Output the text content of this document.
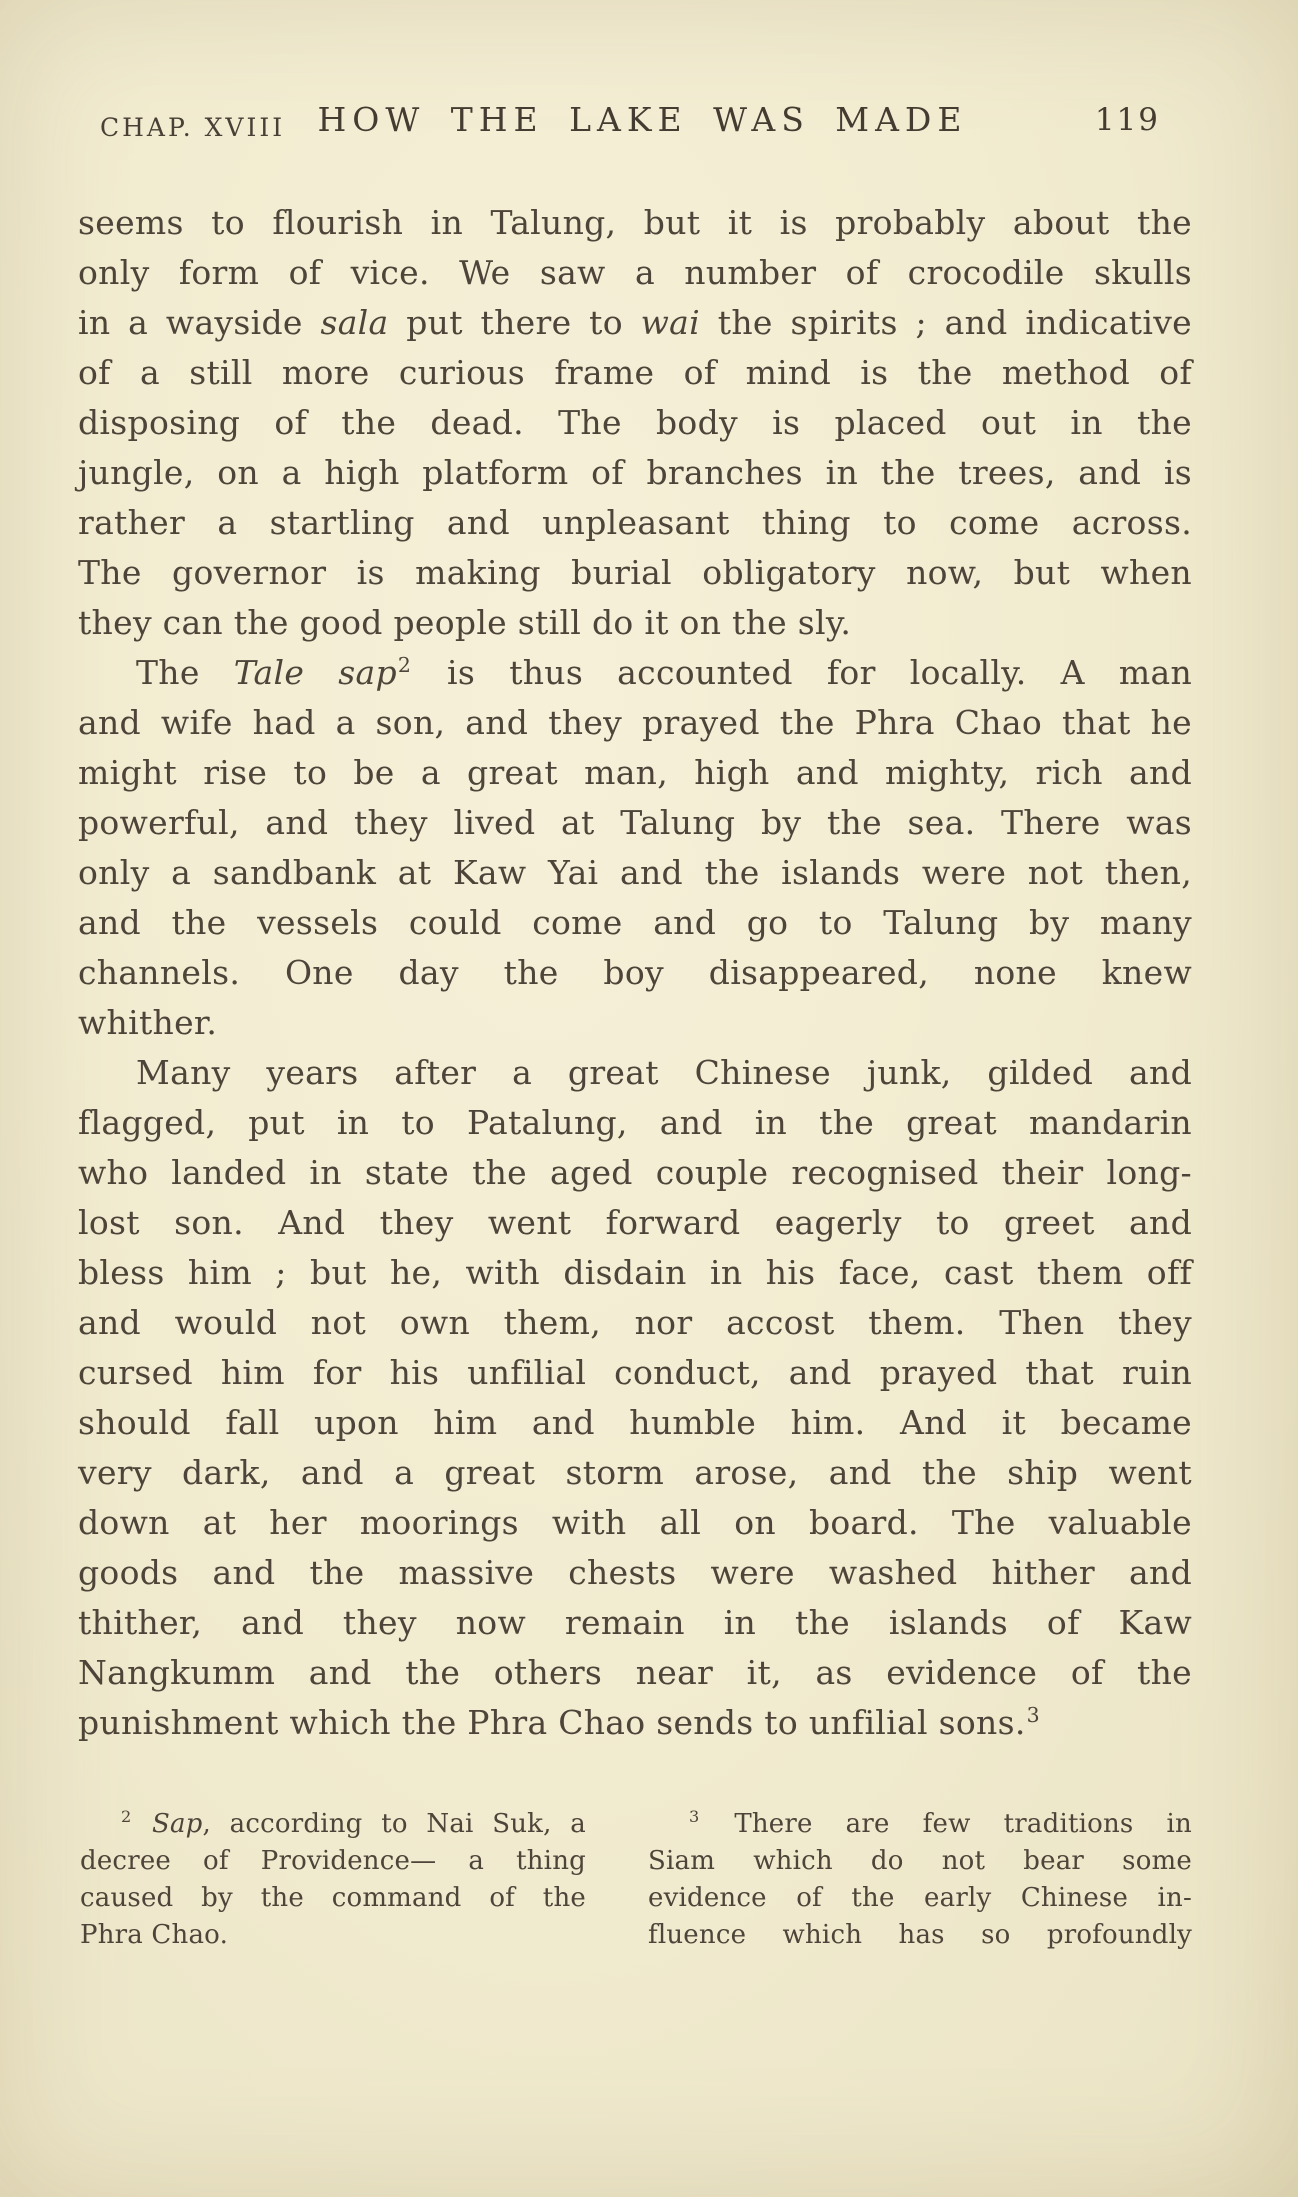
CHAP. XVIII HOW THE LAKE WAS MADE	119
seems to flourish in Talung, but it is probably about the
only form of vice. We saw a number of crocodile skulls
in a wayside sala put there to wai the spirits ; and indicative
of a still more curious frame of mind is the method of
disposing of the dead. The body is placed out in the
jungle, on a high platform of branches in the trees, and is
rather a startling and unpleasant thing to come across.
The governor is making burial obligatory now, but when
they can the good people still do it on the sly.
The Tale sap$^2$ is thus accounted for locally. A man
and wife had a son, and they prayed the Phra Chao that he
might rise to be a great man, high and mighty, rich and
powerful, and they lived at Talung by the sea. There was
only a sandbank at Kaw Yai and the islands were not then,
and the vessels could come and go to Talung by many
channels. One day the boy disappeared, none knew
whither.
Many years after a great Chinese junk, gilded and
flagged, put in to Patalung, and in the great mandarin
who landed in state the aged couple recognised their long-
lost son. And they went forward eagerly to greet and
bless him ; but he, with disdain in his face, cast them off
and would not own them, nor accost them. Then they
cursed him for his unfilial conduct, and prayed that ruin
should fall upon him and humble him. And it became
very dark, and a great storm arose, and the ship went
down at her moorings with all on board. The valuable
goods and the massive chests were washed hither and
thither, and they now remain in the islands of Kaw
Nangkumm and the others near it, as evidence of the
punishment which the Phra Chao sends to unfilial sons.$^3$
$^2$ Sap, according to Nai Suk, a
decree of Providence— a thing
caused by the command of the
Phra Chao.
$^3$ There are few traditions in
Siam which do not bear some
evidence of the early Chinese in-
fluence which has so profoundly
